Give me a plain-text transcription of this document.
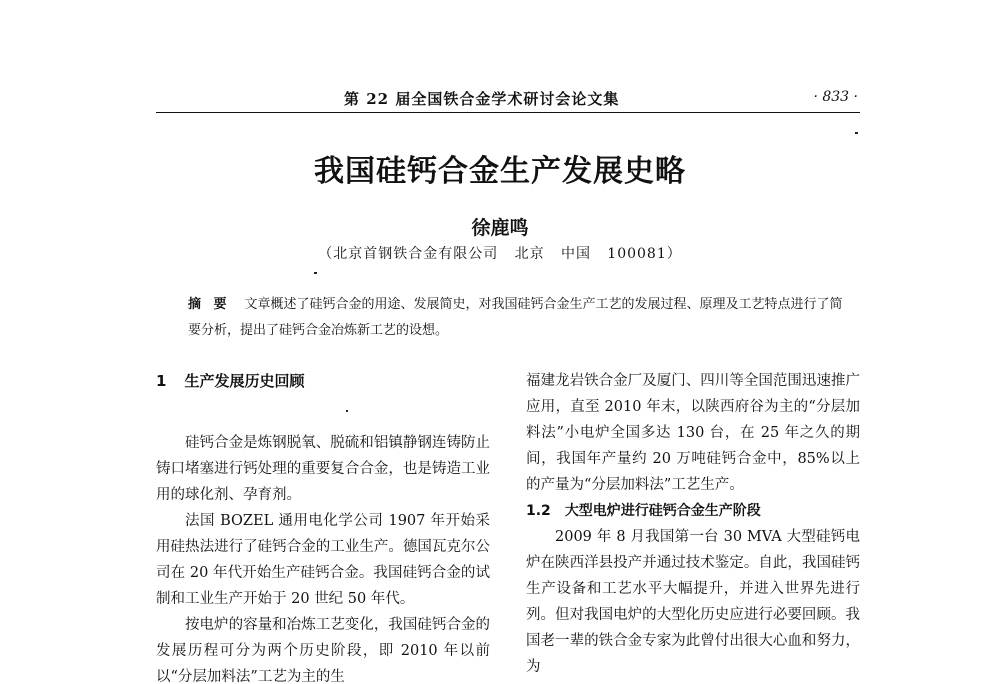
第 22 届全国铁合金学术研讨会论文集	· 833 ·
我国硅钙合金生产发展史略
徐鹿鸣
（北京首钢铁合金有限公司   北京   中国   100081）
摘 要 文章概述了硅钙合金的用途、发展简史，对我国硅钙合金生产工艺的发展过程、原理及工艺特点进行了简要分析，提出了硅钙合金冶炼新工艺的设想。
1 生产发展历史回顾

硅钙合金是炼钢脱氧、脱硫和铝镇静钢连铸防止铸口堵塞进行钙处理的重要复合合金，也是铸造工业用的球化剂、孕育剂。

法国 BOZEL 通用电化学公司 1907 年开始采用硅热法进行了硅钙合金的工业生产。德国瓦克尔公司在 20 年代开始生产硅钙合金。我国硅钙合金的试制和工业生产开始于 20 世纪 50 年代。

按电炉的容量和冶炼工艺变化，我国硅钙合金的发展历程可分为两个历史阶段，即 2010 年以前以“分层加料法”工艺为主的生

福建龙岩铁合金厂及厦门、四川等全国范围迅速推广应用，直至 2010 年末，以陕西府谷为主的“分层加料法”小电炉全国多达 130 台，在 25 年之久的期间，我国年产量约 20 万吨硅钙合金中，85%以上的产量为“分层加料法”工艺生产。

1.2 大型电炉进行硅钙合金生产阶段

2009 年 8 月我国第一台 30 MVA 大型硅钙电炉在陕西洋县投产并通过技术鉴定。自此，我国硅钙生产设备和工艺水平大幅提升，并进入世界先进行列。但对我国电炉的大型化历史应进行必要回顾。我国老一辈的铁合金专家为此曾付出很大心血和努力，为
